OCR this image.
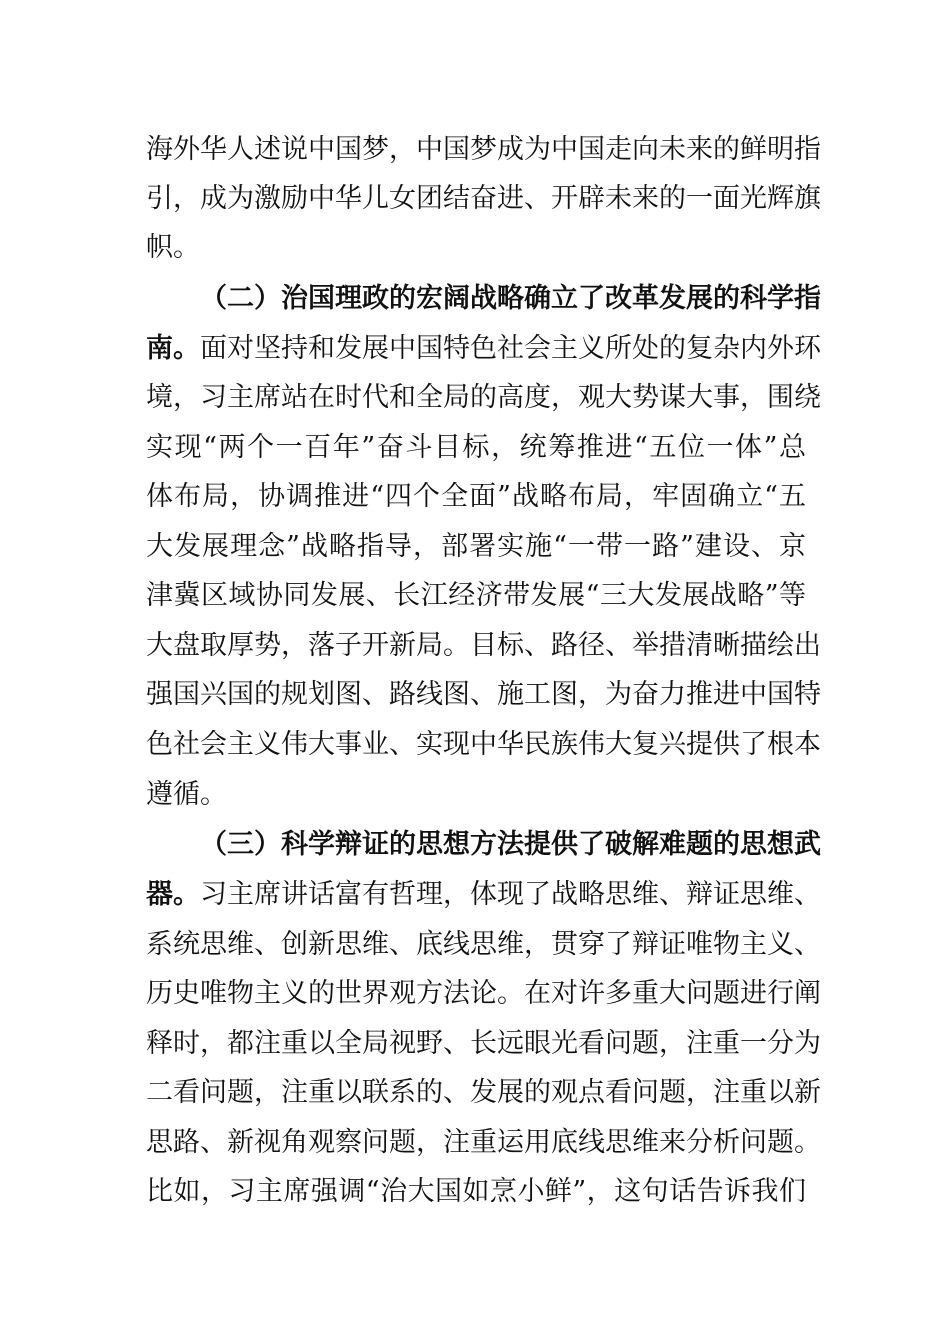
海外华人述说中国梦，中国梦成为中国走向未来的鲜明指
引，成为激励中华儿女团结奋进、开辟未来的一面光辉旗
帜。
（二）治国理政的宏阔战略确立了改革发展的科学指
南。面对坚持和发展中国特色社会主义所处的复杂内外环
境，习主席站在时代和全局的高度，观大势谋大事，围绕
实现“两个一百年”奋斗目标，统筹推进“五位一体”总
体布局，协调推进“四个全面”战略布局，牢固确立“五
大发展理念”战略指导，部署实施“一带一路”建设、京
津冀区域协同发展、长江经济带发展“三大发展战略”等
大盘取厚势，落子开新局。目标、路径、举措清晰描绘出
强国兴国的规划图、路线图、施工图，为奋力推进中国特
色社会主义伟大事业、实现中华民族伟大复兴提供了根本
遵循。
（三）科学辩证的思想方法提供了破解难题的思想武
器。习主席讲话富有哲理，体现了战略思维、辩证思维、
系统思维、创新思维、底线思维，贯穿了辩证唯物主义、
历史唯物主义的世界观方法论。在对许多重大问题进行阐
释时，都注重以全局视野、长远眼光看问题，注重一分为
二看问题，注重以联系的、发展的观点看问题，注重以新
思路、新视角观察问题，注重运用底线思维来分析问题。
比如，习主席强调“治大国如烹小鲜”，这句话告诉我们
